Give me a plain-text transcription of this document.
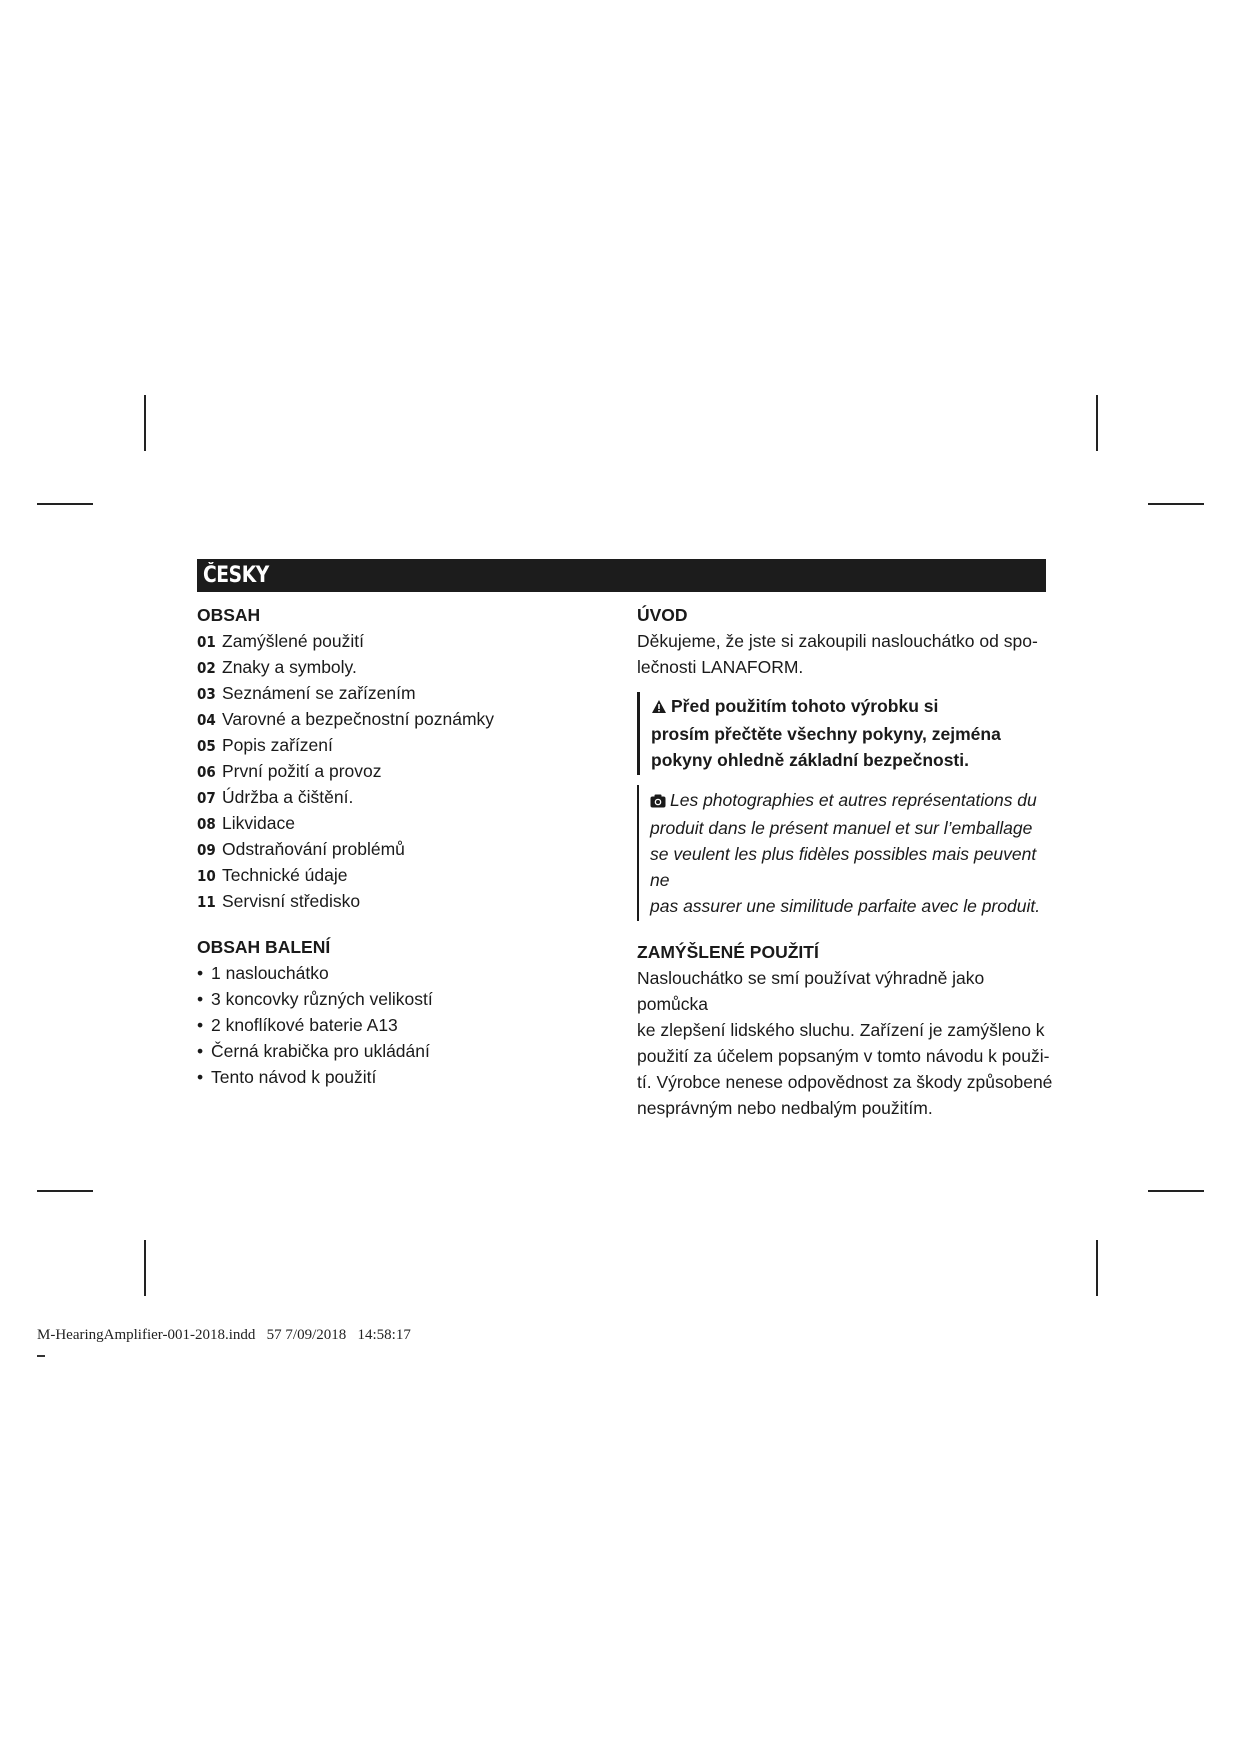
ČESKY
OBSAH
01 Zamýšlené použití
02 Znaky a symboly.
03 Seznámení se zařízením
04 Varovné a bezpečnostní poznámky
05 Popis zařízení
06 První požití a provoz
07 Údržba a čištění.
08 Likvidace
09 Odstraňování problémů
10 Technické údaje
11 Servisní středisko
OBSAH BALENÍ
• 1 naslouchátko
• 3 koncovky různých velikostí
• 2 knoflíkové baterie A13
• Černá krabička pro ukládání
• Tento návod k použití
ÚVOD

Děkujeme, že jste si zakoupili naslouchátko od spo-

lečnosti LANAFORM.

Před použitím tohoto výrobku si

prosím přečtěte všechny pokyny, zejména

pokyny ohledně základní bezpečnosti.

Les photographies et autres représentations du

produit dans le présent manuel et sur l’emballage

se veulent les plus fidèles possibles mais peuvent ne

pas assurer une similitude parfaite avec le produit.

ZAMÝŠLENÉ POUŽITÍ

Naslouchátko se smí používat výhradně jako pomůcka

ke zlepšení lidského sluchu. Zařízení je zamýšleno k

použití za účelem popsaným v tomto návodu k použi-

tí. Výrobce nenese odpovědnost za škody způsobené

nesprávným nebo nedbalým použitím.

M-HearingAmplifier-001-2018.indd   57 7/09/2018   14:58:17
